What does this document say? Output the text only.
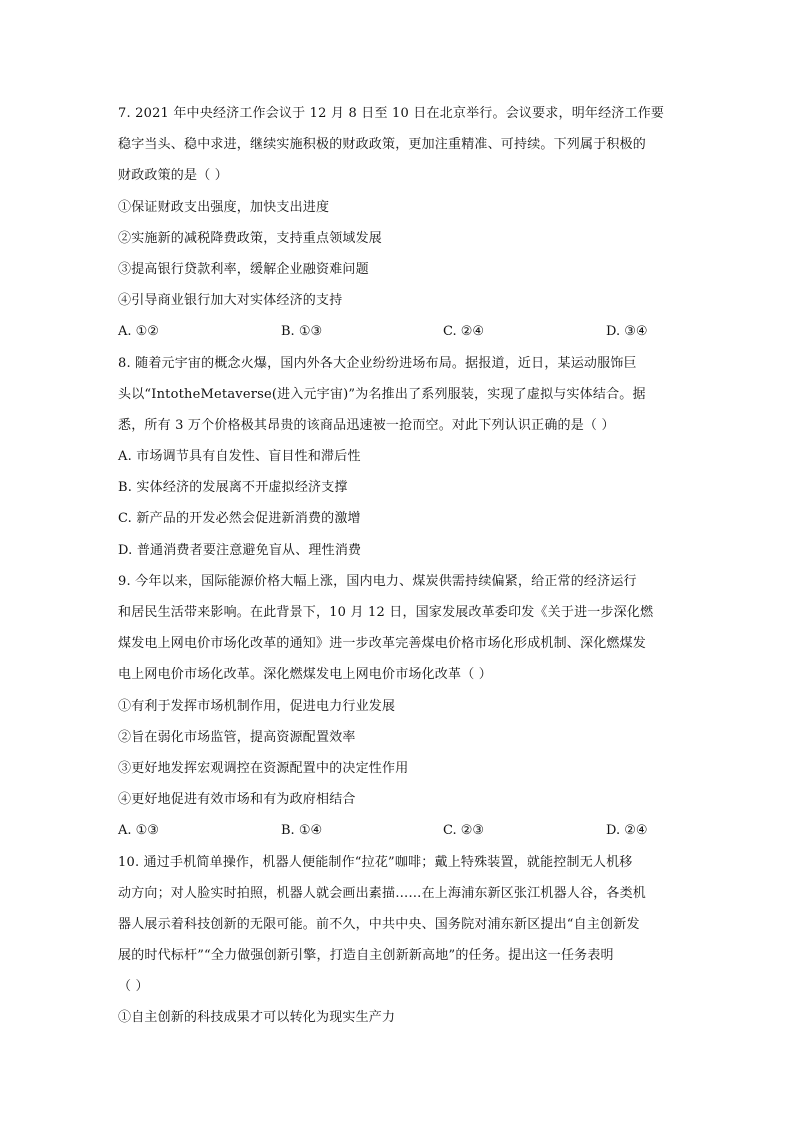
7. 2021 年中央经济工作会议于 12 月 8 日至 10 日在北京举行。会议要求，明年经济工作要
稳字当头、稳中求进，继续实施积极的财政政策，更加注重精准、可持续。下列属于积极的
财政政策的是（ ）
①保证财政支出强度，加快支出进度
②实施新的减税降费政策，支持重点领域发展
③提高银行贷款利率，缓解企业融资难问题
④引导商业银行加大对实体经济的支持
A. ①②	B. ①③	C. ②④	D. ③④
8. 随着元宇宙的概念火爆，国内外各大企业纷纷进场布局。据报道，近日，某运动服饰巨
头以“IntotheMetaverse(进入元宇宙)”为名推出了系列服装，实现了虚拟与实体结合。据
悉，所有 3 万个价格极其昂贵的该商品迅速被一抢而空。对此下列认识正确的是（ ）
A. 市场调节具有自发性、盲目性和滞后性
B. 实体经济的发展离不开虚拟经济支撑
C. 新产品的开发必然会促进新消费的激增
D. 普通消费者要注意避免盲从、理性消费
9. 今年以来，国际能源价格大幅上涨，国内电力、煤炭供需持续偏紧，给正常的经济运行
和居民生活带来影响。在此背景下，10 月 12 日，国家发展改革委印发《关于进一步深化燃
煤发电上网电价市场化改革的通知》进一步改革完善煤电价格市场化形成机制、深化燃煤发
电上网电价市场化改革。深化燃煤发电上网电价市场化改革（ ）
①有利于发挥市场机制作用，促进电力行业发展
②旨在弱化市场监管，提高资源配置效率
③更好地发挥宏观调控在资源配置中的决定性作用
④更好地促进有效市场和有为政府相结合
A. ①③	B. ①④	C. ②③	D. ②④
10. 通过手机简单操作，机器人便能制作“拉花”咖啡；戴上特殊装置，就能控制无人机移
动方向；对人脸实时拍照，机器人就会画出素描……在上海浦东新区张江机器人谷，各类机
器人展示着科技创新的无限可能。前不久，中共中央、国务院对浦东新区提出“自主创新发
展的时代标杆”“全力做强创新引擎，打造自主创新新高地”的任务。提出这一任务表明
（ ）
①自主创新的科技成果才可以转化为现实生产力
